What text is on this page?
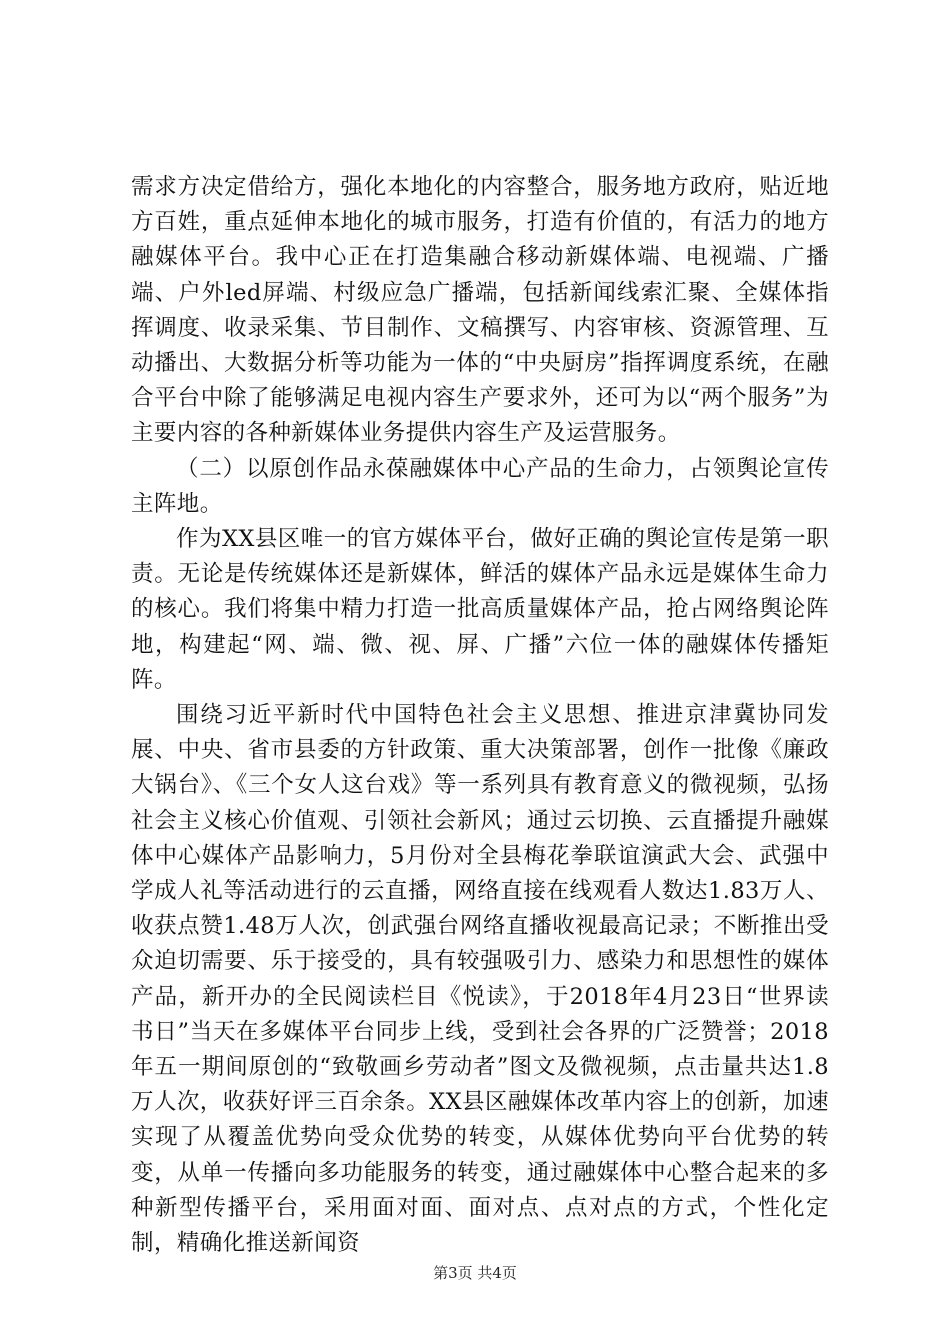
需求方决定借给方，强化本地化的内容整合，服务地方政府，贴近地方百姓，重点延伸本地化的城市服务，打造有价值的，有活力的地方融媒体平台。我中心正在打造集融合移动新媒体端、电视端、广播端、户外led屏端、村级应急广播端，包括新闻线索汇聚、全媒体指挥调度、收录采集、节目制作、文稿撰写、内容审核、资源管理、互动播出、大数据分析等功能为一体的“中央厨房”指挥调度系统，在融合平台中除了能够满足电视内容生产要求外，还可为以“两个服务”为主要内容的各种新媒体业务提供内容生产及运营服务。

（二）以原创作品永葆融媒体中心产品的生命力，占领舆论宣传主阵地。

作为XX县区唯一的官方媒体平台，做好正确的舆论宣传是第一职责。无论是传统媒体还是新媒体，鲜活的媒体产品永远是媒体生命力的核心。我们将集中精力打造一批高质量媒体产品，抢占网络舆论阵地，构建起“网、端、微、视、屏、广播”六位一体的融媒体传播矩阵。

围绕习近平新时代中国特色社会主义思想、推进京津冀协同发展、中央、省市县委的方针政策、重大决策部署，创作一批像《廉政大锅台》、《三个女人这台戏》等一系列具有教育意义的微视频，弘扬社会主义核心价值观、引领社会新风；通过云切换、云直播提升融媒体中心媒体产品影响力，5月份对全县梅花拳联谊演武大会、武强中学成人礼等活动进行的云直播，网络直接在线观看人数达1.83万人、收获点赞1.48万人次，创武强台网络直播收视最高记录；不断推出受众迫切需要、乐于接受的，具有较强吸引力、感染力和思想性的媒体产品，新开办的全民阅读栏目《悦读》，于2018年4月23日“世界读书日”当天在多媒体平台同步上线，受到社会各界的广泛赞誉；2018年五一期间原创的“致敬画乡劳动者”图文及微视频，点击量共达1.8万人次，收获好评三百余条。XX县区融媒体改革内容上的创新，加速实现了从覆盖优势向受众优势的转变，从媒体优势向平台优势的转变，从单一传播向多功能服务的转变，通过融媒体中心整合起来的多种新型传播平台，采用面对面、面对点、点对点的方式，个性化定制，精确化推送新闻资

第3页 共4页
